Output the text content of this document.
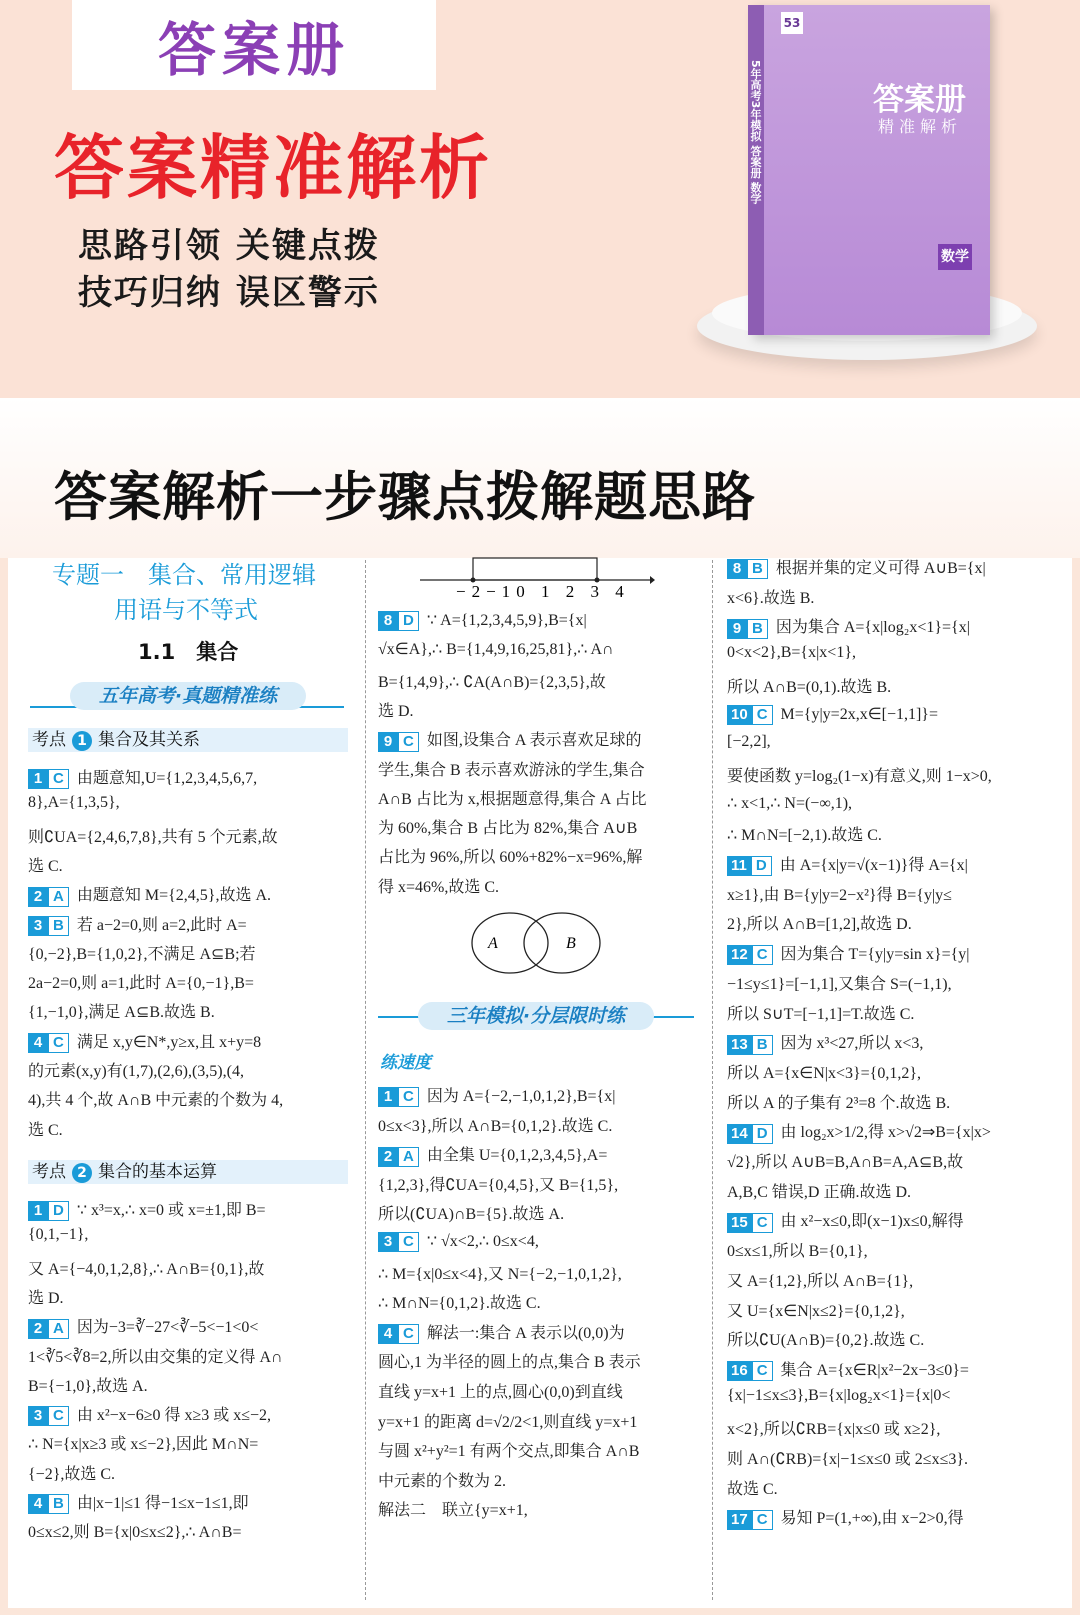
答案册
答案精准解析
思路引领 关键点拨
技巧归纳 误区警示
5年高考3年模拟 答案册 数学
53
答案册
精准解析
数学
答案解析一步骤点拨解题思路
专题一　集合、常用逻辑
用语与不等式
1.1　集合
五年高考·真题精准练
考点 1 集合及其关系
1 C 由题意知,U={1,2,3,4,5,6,7,
8},A={1,3,5},
则∁UA={2,4,6,7,8},共有 5 个元素,故
选 C.
2 A 由题意知 M={2,4,5},故选 A.
3 B 若 a−2=0,则 a=2,此时 A=
{0,−2},B={1,0,2},不满足 A⊆B;若
2a−2=0,则 a=1,此时 A={0,−1},B=
{1,−1,0},满足 A⊆B.故选 B.
4 C 满足 x,y∈N*,y≥x,且 x+y=8
的元素(x,y)有(1,7),(2,6),(3,5),(4,
4),共 4 个,故 A∩B 中元素的个数为 4,
选 C.
考点 2 集合的基本运算
1 D ∵ x³=x,∴ x=0 或 x=±1,即 B=
{0,1,−1},
又 A={−4,0,1,2,8},∴ A∩B={0,1},故
选 D.
2 A 因为−3=∛−27<∛−5<−1<0<
1<∛5<∛8=2,所以由交集的定义得 A∩
B={−1,0},故选 A.
3 C 由 x²−x−6≥0 得 x≥3 或 x≤−2,
∴ N={x|x≥3 或 x≤−2},因此 M∩N=
{−2},故选 C.
4 B 由|x−1|≤1 得−1≤x−1≤1,即
0≤x≤2,则 B={x|0≤x≤2},∴ A∩B=
−2−10 1 2 3 4
8 D ∵ A={1,2,3,4,5,9},B={x|
√x∈A},∴ B={1,4,9,16,25,81},∴ A∩
B={1,4,9},∴ ∁A(A∩B)={2,3,5},故
选 D.
9 C 如图,设集合 A 表示喜欢足球的
学生,集合 B 表示喜欢游泳的学生,集合
A∩B 占比为 x,根据题意得,集合 A 占比
为 60%,集合 B 占比为 82%,集合 A∪B
占比为 96%,所以 60%+82%−x=96%,解
得 x=46%,故选 C.
A	B
三年模拟·分层限时练
练速度
1 C 因为 A={−2,−1,0,1,2},B={x|
0≤x<3},所以 A∩B={0,1,2}.故选 C.
2 A 由全集 U={0,1,2,3,4,5},A=
{1,2,3},得∁UA={0,4,5},又 B={1,5},
所以(∁UA)∩B={5}.故选 A.
3 C ∵ √x<2,∴ 0≤x<4,
∴ M={x|0≤x<4},又 N={−2,−1,0,1,2},
∴ M∩N={0,1,2}.故选 C.
4 C 解法一:集合 A 表示以(0,0)为
圆心,1 为半径的圆上的点,集合 B 表示
直线 y=x+1 上的点,圆心(0,0)到直线
y=x+1 的距离 d=√2/2<1,则直线 y=x+1
与圆 x²+y²=1 有两个交点,即集合 A∩B
中元素的个数为 2.
解法二　联立{y=x+1,
8 B 根据并集的定义可得 A∪B={x|
x<6}.故选 B.
9 B 因为集合 A={x|log₂x<1}={x|
0<x<2},B={x|x<1},
所以 A∩B=(0,1).故选 B.
10 C M={y|y=2x,x∈[−1,1]}=
[−2,2],
要使函数 y=log₂(1−x)有意义,则 1−x>0,
∴ x<1,∴ N=(−∞,1),
∴ M∩N=[−2,1).故选 C.
11 D 由 A={x|y=√(x−1)}得 A={x|
x≥1},由 B={y|y=2−x²}得 B={y|y≤
2},所以 A∩B=[1,2],故选 D.
12 C 因为集合 T={y|y=sin x}={y|
−1≤y≤1}=[−1,1],又集合 S=(−1,1),
所以 S∪T=[−1,1]=T.故选 C.
13 B 因为 x³<27,所以 x<3,
所以 A={x∈N|x<3}={0,1,2},
所以 A 的子集有 2³=8 个.故选 B.
14 D 由 log₂x>1/2,得 x>√2⇒B={x|x>
√2},所以 A∪B=B,A∩B=A,A⊆B,故
A,B,C 错误,D 正确.故选 D.
15 C 由 x²−x≤0,即(x−1)x≤0,解得
0≤x≤1,所以 B={0,1},
又 A={1,2},所以 A∩B={1},
又 U={x∈N|x≤2}={0,1,2},
所以∁U(A∩B)={0,2}.故选 C.
16 C 集合 A={x∈R|x²−2x−3≤0}=
{x|−1≤x≤3},B={x|log₂x<1}={x|0<
x<2},所以∁RB={x|x≤0 或 x≥2},
则 A∩(∁RB)={x|−1≤x≤0 或 2≤x≤3}.
故选 C.
17 C 易知 P=(1,+∞),由 x−2>0,得
